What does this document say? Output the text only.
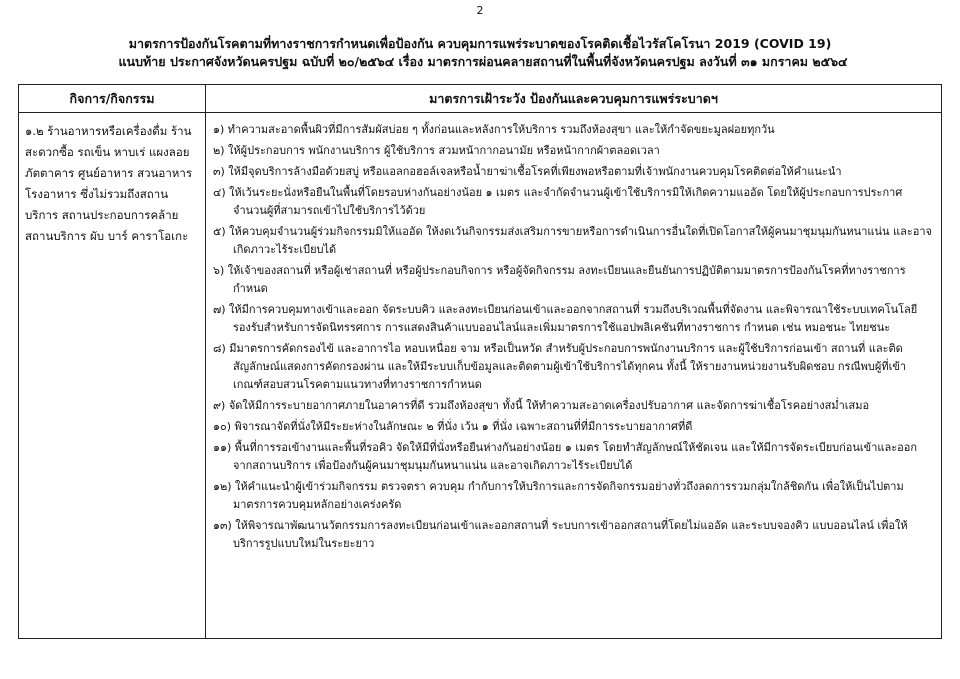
2
มาตรการป้องกันโรคตามที่ทางราชการกำหนดเพื่อป้องกัน ควบคุมการแพร่ระบาดของโรคติดเชื้อไวรัสโคโรนา 2019 (COVID 19)
แนบท้าย ประกาศจังหวัดนครปฐม ฉบับที่ ๒๐/๒๕๖๔ เรื่อง มาตรการผ่อนคลายสถานที่ในพื้นที่จังหวัดนครปฐม ลงวันที่ ๓๑ มกราคม ๒๕๖๔
กิจการ/กิจกรรม	มาตรการเฝ้าระวัง ป้องกันและควบคุมการแพร่ระบาดฯ
๑.๒ ร้านอาหารหรือเครื่องดื่ม ร้านสะดวกซื้อ รถเข็น หาบเร่ แผงลอย ภัตตาคาร ศูนย์อาหาร สวนอาหาร โรงอาหาร ซึ่งไม่รวมถึงสถานบริการ สถานประกอบการคล้ายสถานบริการ ผับ บาร์ คาราโอเกะ
๑) ทำความสะอาดพื้นผิวที่มีการสัมผัสบ่อย ๆ ทั้งก่อนและหลังการให้บริการ รวมถึงห้องสุขา และให้กำจัดขยะมูลฝอยทุกวัน
๒) ให้ผู้ประกอบการ พนักงานบริการ ผู้ใช้บริการ สวมหน้ากากอนามัย หรือหน้ากากผ้าตลอดเวลา
๓) ให้มีจุดบริการล้างมือด้วยสบู่ หรือแอลกอฮอล์เจลหรือน้ำยาฆ่าเชื้อโรคที่เพียงพอหรือตามที่เจ้าพนักงานควบคุมโรคติดต่อให้คำแนะนำ
๔) ให้เว้นระยะนั่งหรือยืนในพื้นที่โดยรอบห่างกันอย่างน้อย ๑ เมตร และจำกัดจำนวนผู้เข้าใช้บริการมิให้เกิดความแออัด โดยให้ผู้ประกอบการประกาศจำนวนผู้ที่สามารถเข้าไปใช้บริการไว้ด้วย
๕) ให้ควบคุมจำนวนผู้ร่วมกิจกรรมมิให้แออัด ให้งดเว้นกิจกรรมส่งเสริมการขายหรือการดำเนินการอื่นใดที่เปิดโอกาสให้ผู้คนมาชุมนุมกันหนาแน่น และอาจเกิดภาวะไร้ระเบียบได้
๖) ให้เจ้าของสถานที่ หรือผู้เช่าสถานที่ หรือผู้ประกอบกิจการ หรือผู้จัดกิจกรรม ลงทะเบียนและยืนยันการปฏิบัติตามมาตรการป้องกันโรคที่ทางราชการกำหนด
๗) ให้มีการควบคุมทางเข้าและออก จัดระบบคิว และลงทะเบียนก่อนเข้าและออกจากสถานที่ รวมถึงบริเวณพื้นที่จัดงาน และพิจารณาใช้ระบบเทคโนโลยีรองรับสำหรับการจัดนิทรรศการ การแสดงสินค้าแบบออนไลน์และเพิ่มมาตรการใช้แอปพลิเคชันที่ทางราชการ กำหนด เช่น หมอชนะ ไทยชนะ
๘) มีมาตรการคัดกรองไข้ และอาการไอ หอบเหนื่อย จาม หรือเป็นหวัด สำหรับผู้ประกอบการพนักงานบริการ และผู้ใช้บริการก่อนเข้า สถานที่ และติดสัญลักษณ์แสดงการคัดกรองผ่าน และให้มีระบบเก็บข้อมูลและติดตามผู้เข้าใช้บริการได้ทุกคน ทั้งนี้ ให้รายงานหน่วยงานรับผิดชอบ กรณีพบผู้ที่เข้าเกณฑ์สอบสวนโรคตามแนวทางที่ทางราชการกำหนด
๙) จัดให้มีการระบายอากาศภายในอาคารที่ดี รวมถึงห้องสุขา ทั้งนี้ ให้ทำความสะอาดเครื่องปรับอากาศ และจัดการฆ่าเชื้อโรคอย่างสม่ำเสมอ
๑๐) พิจารณาจัดที่นั่งให้มีระยะห่างในลักษณะ ๒ ที่นั่ง เว้น ๑ ที่นั่ง เฉพาะสถานที่ที่มีการระบายอากาศที่ดี
๑๑) พื้นที่การรอเข้างานและพื้นที่รอคิว จัดให้มีที่นั่งหรือยืนห่างกันอย่างน้อย ๑ เมตร โดยทำสัญลักษณ์ให้ชัดเจน และให้มีการจัดระเบียบก่อนเข้าและออกจากสถานบริการ เพื่อป้องกันผู้คนมาชุมนุมกันหนาแน่น และอาจเกิดภาวะไร้ระเบียบได้
๑๒) ให้คำแนะนำผู้เข้าร่วมกิจกรรม ตรวจตรา ควบคุม กำกับการให้บริการและการจัดกิจกรรมอย่างทั่วถึงลดการรวมกลุ่มใกล้ชิดกัน เพื่อให้เป็นไปตามมาตรการควบคุมหลักอย่างเคร่งครัด
๑๓) ให้พิจารณาพัฒนานวัตกรรมการลงทะเบียนก่อนเข้าและออกสถานที่ ระบบการเข้าออกสถานที่โดยไม่แออัด และระบบจองคิว แบบออนไลน์ เพื่อให้บริการรูปแบบใหม่ในระยะยาว
